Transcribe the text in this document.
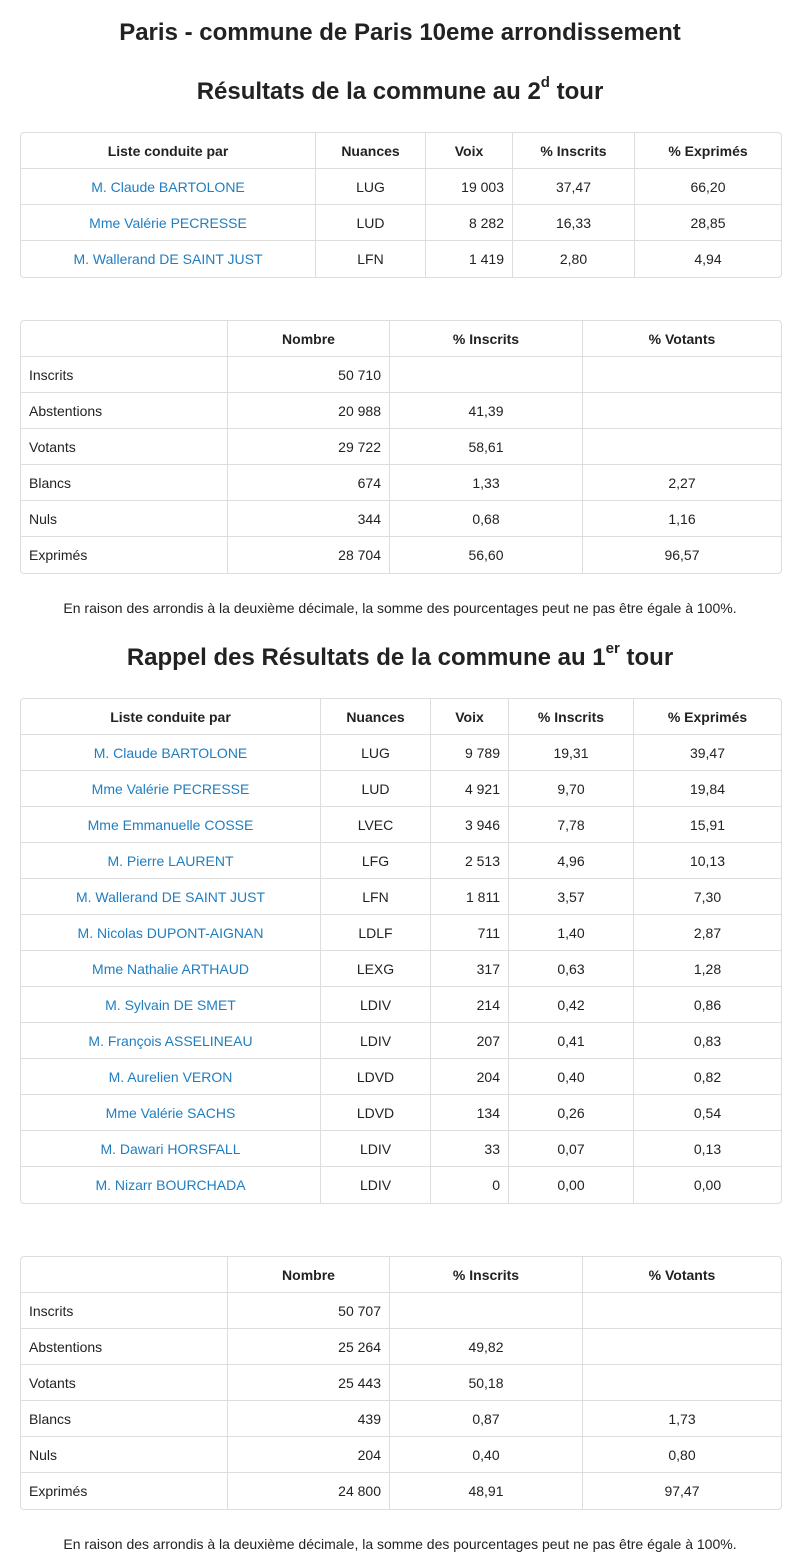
Paris - commune de Paris 10eme arrondissement
Résultats de la commune au 2$^d$ tour
Liste conduite par	Nuances	Voix	% Inscrits	% Exprimés
M. Claude BARTOLONE	LUG	19 003	37,47	66,20
Mme Valérie PECRESSE	LUD	8 282	16,33	28,85
M. Wallerand DE SAINT JUST	LFN	1 419	2,80	4,94
	Nombre	% Inscrits	% Votants
Inscrits	50 710		
Abstentions	20 988	41,39	
Votants	29 722	58,61	
Blancs	674	1,33	2,27
Nuls	344	0,68	1,16
Exprimés	28 704	56,60	96,57
En raison des arrondis à la deuxième décimale, la somme des pourcentages peut ne pas être égale à 100%.
Rappel des Résultats de la commune au 1er tour
Liste conduite par	Nuances	Voix	% Inscrits	% Exprimés
M. Claude BARTOLONE	LUG	9 789	19,31	39,47
Mme Valérie PECRESSE	LUD	4 921	9,70	19,84
Mme Emmanuelle COSSE	LVEC	3 946	7,78	15,91
M. Pierre LAURENT	LFG	2 513	4,96	10,13
M. Wallerand DE SAINT JUST	LFN	1 811	3,57	7,30
M. Nicolas DUPONT-AIGNAN	LDLF	711	1,40	2,87
Mme Nathalie ARTHAUD	LEXG	317	0,63	1,28
M. Sylvain DE SMET	LDIV	214	0,42	0,86
M. François ASSELINEAU	LDIV	207	0,41	0,83
M. Aurelien VERON	LDVD	204	0,40	0,82
Mme Valérie SACHS	LDVD	134	0,26	0,54
M. Dawari HORSFALL	LDIV	33	0,07	0,13
M. Nizarr BOURCHADA	LDIV	0	0,00	0,00
	Nombre	% Inscrits	% Votants
Inscrits	50 707		
Abstentions	25 264	49,82	
Votants	25 443	50,18	
Blancs	439	0,87	1,73
Nuls	204	0,40	0,80
Exprimés	24 800	48,91	97,47
En raison des arrondis à la deuxième décimale, la somme des pourcentages peut ne pas être égale à 100%.
